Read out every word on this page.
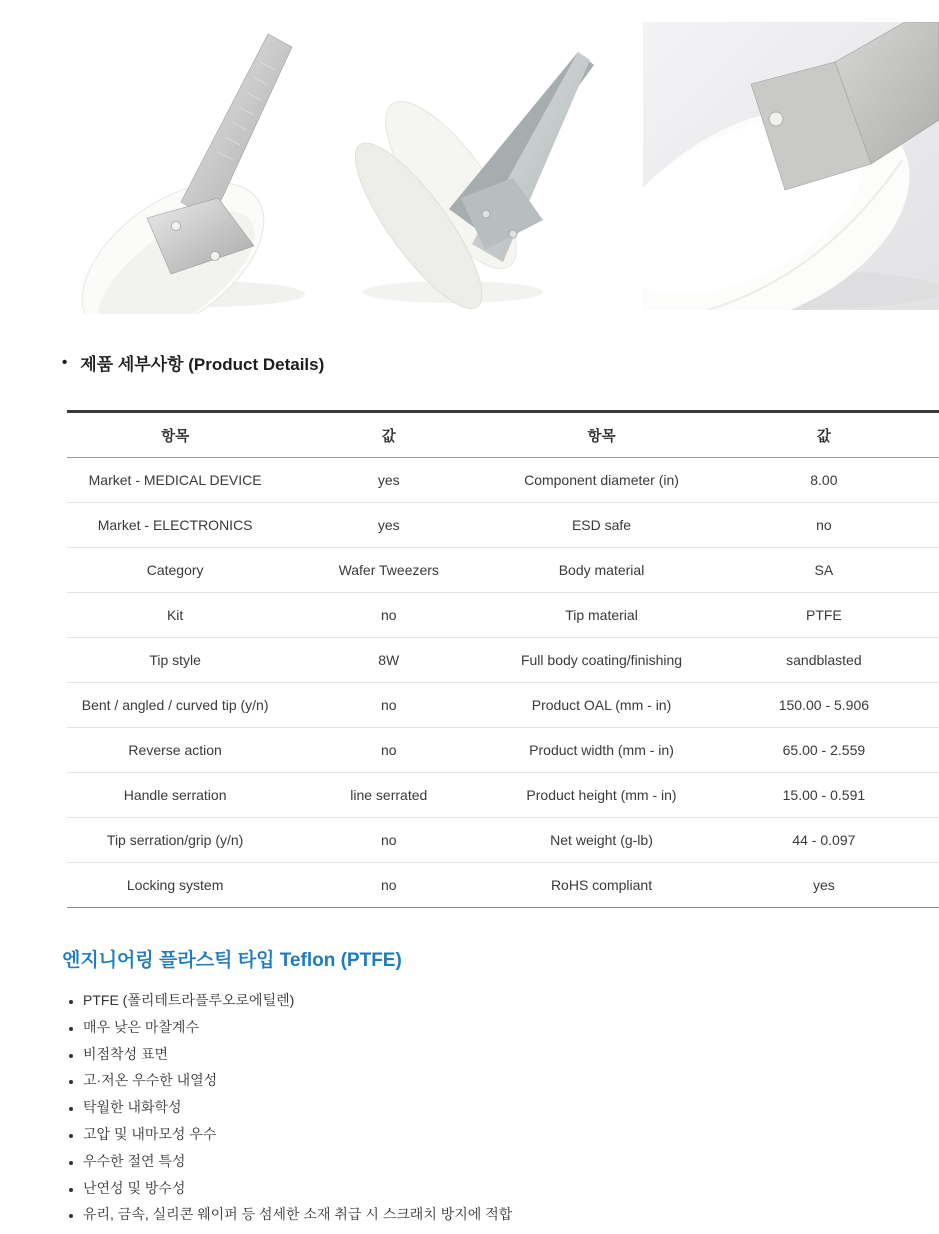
• 제품 세부사항 (Product Details)
항목	값	항목	값
Market - MEDICAL DEVICE	yes	Component diameter (in)	8.00
Market - ELECTRONICS	yes	ESD safe	no
Category	Wafer Tweezers	Body material	SA
Kit	no	Tip material	PTFE
Tip style	8W	Full body coating/finishing	sandblasted
Bent / angled / curved tip (y/n)	no	Product OAL (mm - in)	150.00 - 5.906
Reverse action	no	Product width (mm - in)	65.00 - 2.559
Handle serration	line serrated	Product height (mm - in)	15.00 - 0.591
Tip serration/grip (y/n)	no	Net weight (g-lb)	44 - 0.097
Locking system	no	RoHS compliant	yes
엔지니어링 플라스틱 타입 Teflon (PTFE)
• PTFE (폴리테트라플루오로에틸렌)
• 매우 낮은 마찰계수
• 비점착성 표면
• 고·저온 우수한 내열성
• 탁월한 내화학성
• 고압 및 내마모성 우수
• 우수한 절연 특성
• 난연성 및 방수성
• 유리, 금속, 실리콘 웨이퍼 등 섬세한 소재 취급 시 스크래치 방지에 적합
